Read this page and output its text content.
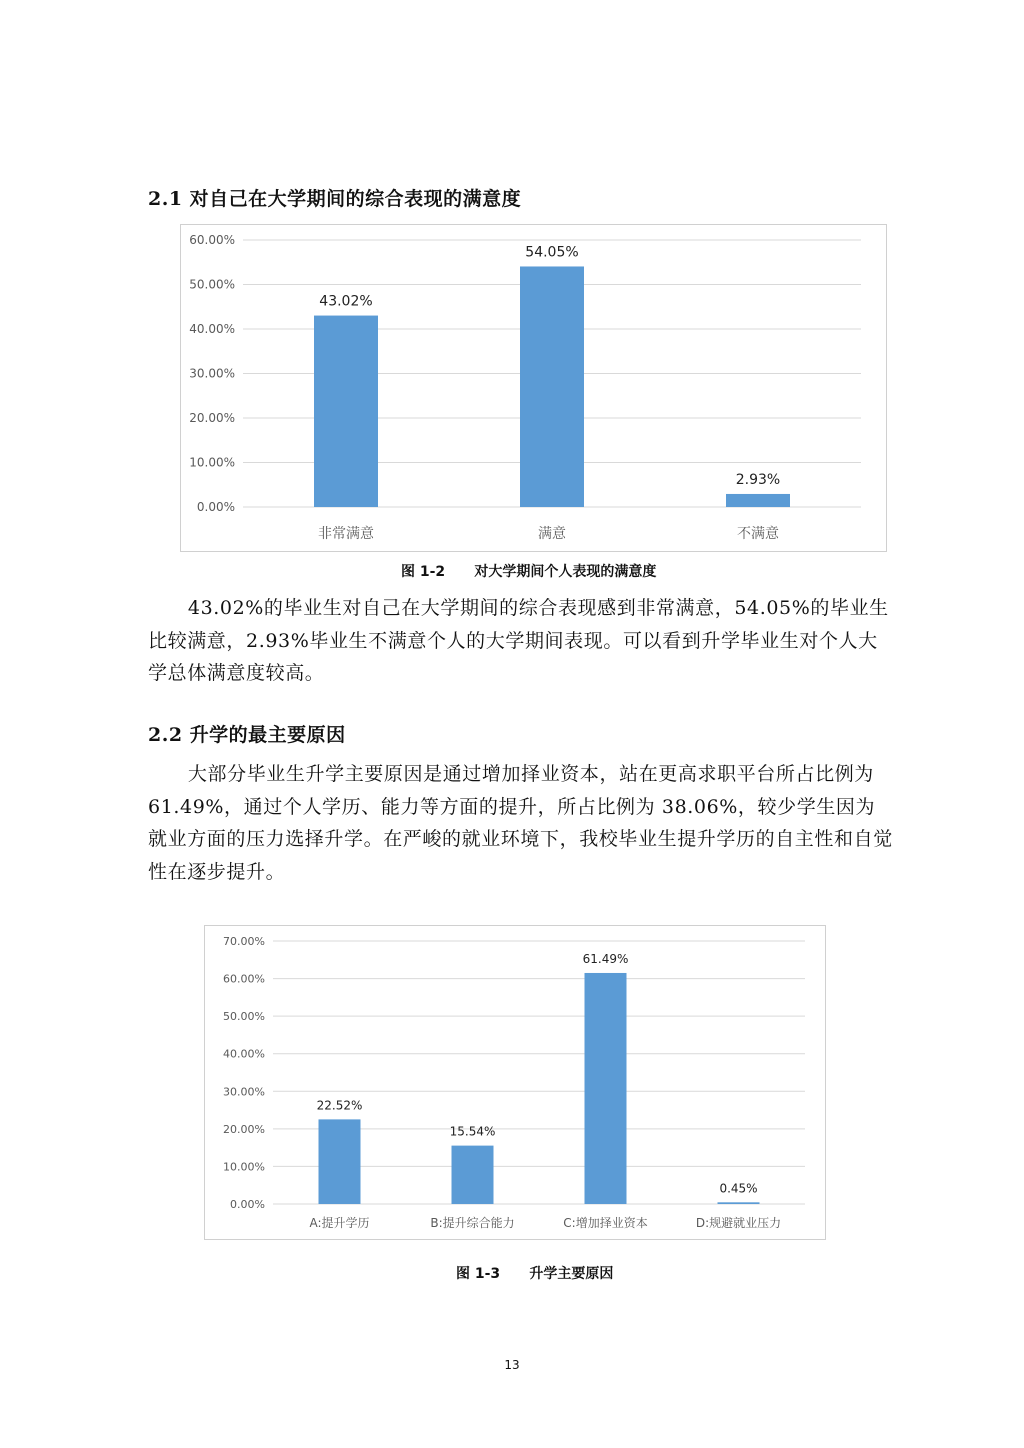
2.1 对自己在大学期间的综合表现的满意度
0.00%
10.00%
20.00%
30.00%
40.00%
50.00%
60.00%
43.02%
非常满意
54.05%
满意
2.93%
不满意
图 1-2      对大学期间个人表现的满意度

43.02%的毕业生对自己在大学期间的综合表现感到非常满意，54.05%的毕业生比较满意，2.93%毕业生不满意个人的大学期间表现。可以看到升学毕业生对个人大学总体满意度较高。

2.2 升学的最主要原因

大部分毕业生升学主要原因是通过增加择业资本，站在更高求职平台所占比例为 61.49%，通过个人学历、能力等方面的提升，所占比例为 38.06%，较少学生因为就业方面的压力选择升学。在严峻的就业环境下，我校毕业生提升学历的自主性和自觉性在逐步提升。

0.00%
10.00%
20.00%
30.00%
40.00%
50.00%
60.00%
70.00%
22.52%
A:提升学历
15.54%
B:提升综合能力
61.49%
C:增加择业资本
0.45%
D:规避就业压力
图 1-3      升学主要原因
13
